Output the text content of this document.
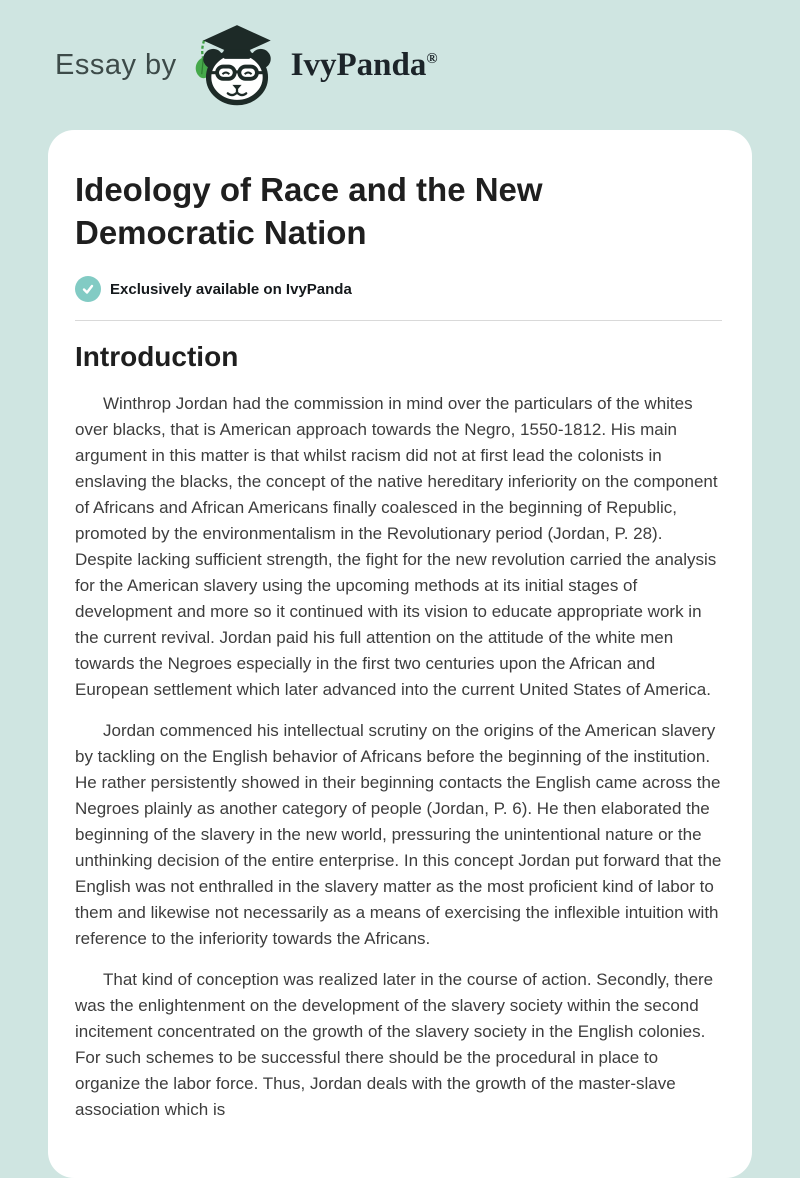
Essay by	IvyPanda®
Ideology of Race and the New Democratic Nation
Exclusively available on IvyPanda
Introduction

Winthrop Jordan had the commission in mind over the particulars of the whites over blacks, that is American approach towards the Negro, 1550-1812. His main argument in this matter is that whilst racism did not at first lead the colonists in enslaving the blacks, the concept of the native hereditary inferiority on the component of Africans and African Americans finally coalesced in the beginning of Republic, promoted by the environmentalism in the Revolutionary period (Jordan, P. 28). Despite lacking sufficient strength, the fight for the new revolution carried the analysis for the American slavery using the upcoming methods at its initial stages of development and more so it continued with its vision to educate appropriate work in the current revival. Jordan paid his full attention on the attitude of the white men towards the Negroes especially in the first two centuries upon the African and European settlement which later advanced into the current United States of America.

Jordan commenced his intellectual scrutiny on the origins of the American slavery by tackling on the English behavior of Africans before the beginning of the institution. He rather persistently showed in their beginning contacts the English came across the Negroes plainly as another category of people (Jordan, P. 6). He then elaborated the beginning of the slavery in the new world, pressuring the unintentional nature or the unthinking decision of the entire enterprise. In this concept Jordan put forward that the English was not enthralled in the slavery matter as the most proficient kind of labor to them and likewise not necessarily as a means of exercising the inflexible intuition with reference to the inferiority towards the Africans.

That kind of conception was realized later in the course of action. Secondly, there was the enlightenment on the development of the slavery society within the second incitement concentrated on the growth of the slavery society in the English colonies. For such schemes to be successful there should be the procedural in place to organize the labor force. Thus, Jordan deals with the growth of the master-slave association which is
